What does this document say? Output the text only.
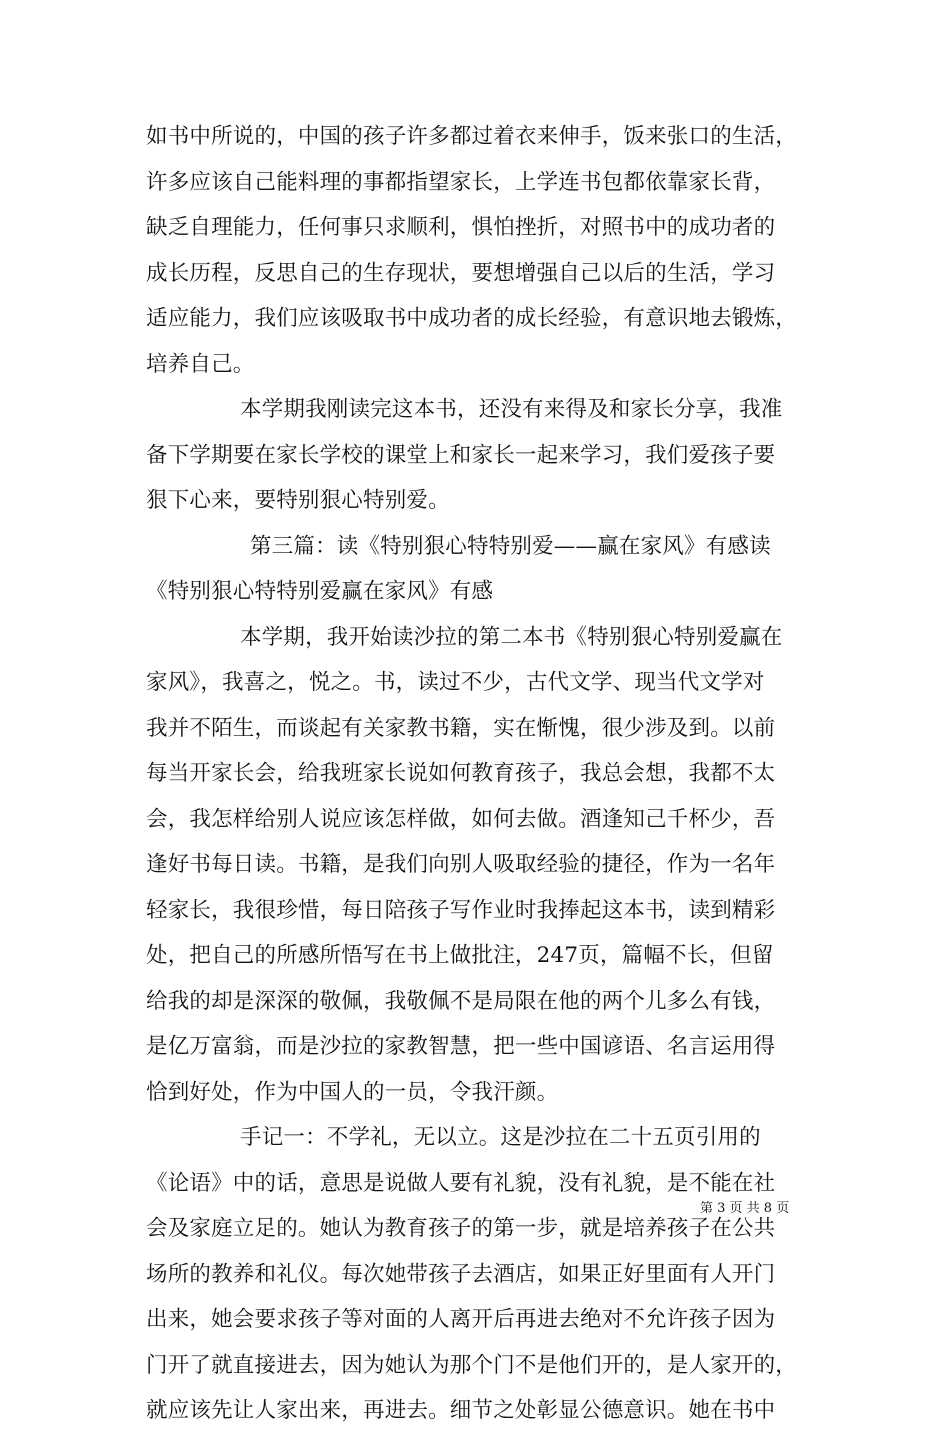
如书中所说的，中国的孩子许多都过着衣来伸手，饭来张口的生活，
许多应该自己能料理的事都指望家长，上学连书包都依靠家长背，
缺乏自理能力，任何事只求顺利，惧怕挫折，对照书中的成功者的
成长历程，反思自己的生存现状，要想增强自己以后的生活，学习
适应能力，我们应该吸取书中成功者的成长经验，有意识地去锻炼，
培养自己。
本学期我刚读完这本书，还没有来得及和家长分享，我准
备下学期要在家长学校的课堂上和家长一起来学习，我们爱孩子要
狠下心来，要特别狠心特别爱。
第三篇：读《特别狠心特特别爱——赢在家风》有感读
《特别狠心特特别爱赢在家风》有感
本学期，我开始读沙拉的第二本书《特别狠心特别爱赢在
家风》，我喜之，悦之。书，读过不少，古代文学、现当代文学对
我并不陌生，而谈起有关家教书籍，实在惭愧，很少涉及到。以前
每当开家长会，给我班家长说如何教育孩子，我总会想，我都不太
会，我怎样给别人说应该怎样做，如何去做。酒逢知己千杯少，吾
逢好书每日读。书籍，是我们向别人吸取经验的捷径，作为一名年
轻家长，我很珍惜，每日陪孩子写作业时我捧起这本书，读到精彩
处，把自己的所感所悟写在书上做批注，247页，篇幅不长，但留
给我的却是深深的敬佩，我敬佩不是局限在他的两个儿多么有钱，
是亿万富翁，而是沙拉的家教智慧，把一些中国谚语、名言运用得
恰到好处，作为中国人的一员，令我汗颜。
手记一：不学礼，无以立。这是沙拉在二十五页引用的
《论语》中的话，意思是说做人要有礼貌，没有礼貌，是不能在社
会及家庭立足的。她认为教育孩子的第一步，就是培养孩子在公共
场所的教养和礼仪。每次她带孩子去酒店，如果正好里面有人开门
出来，她会要求孩子等对面的人离开后再进去绝对不允许孩子因为
门开了就直接进去，因为她认为那个门不是他们开的，是人家开的，
就应该先让人家出来，再进去。细节之处彰显公德意识。她在书中
第 3 页 共 8 页
